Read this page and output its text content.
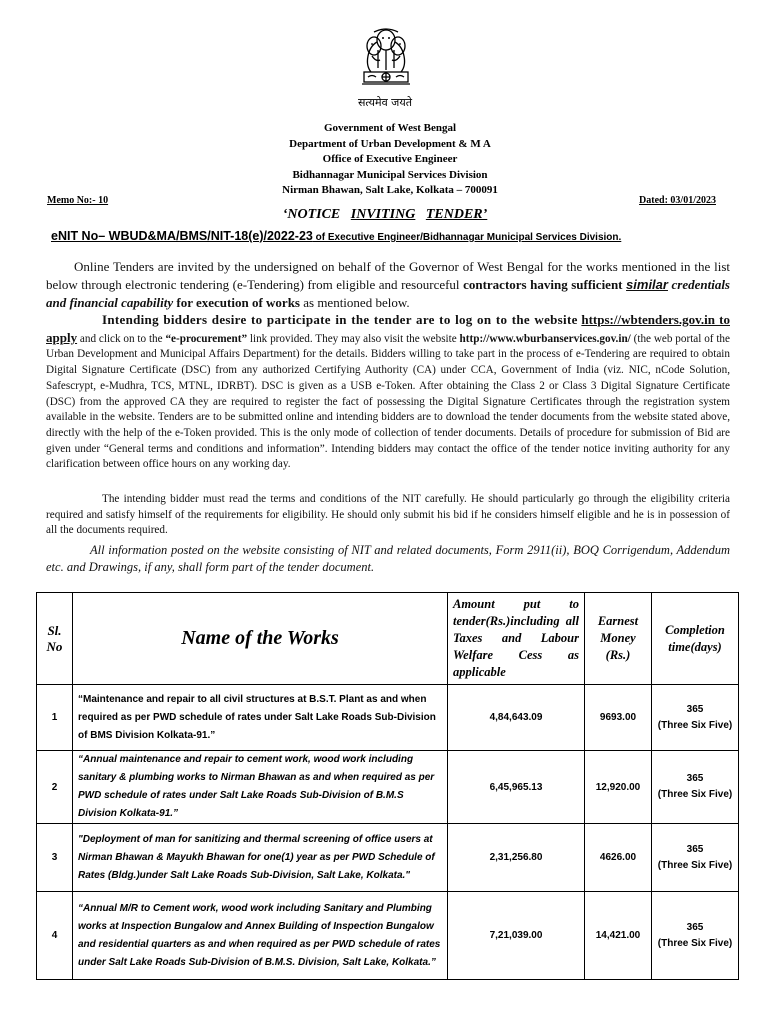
सत्यमेव जयते
Government of West Bengal
Department of Urban Development & M A
Office of Executive Engineer
Bidhannagar Municipal Services Division
Nirman Bhawan, Salt Lake, Kolkata – 700091
Memo No:- 10	Dated: 03/01/2023
‘NOTICE INVITING TENDER’
eNIT No– WBUD&MA/BMS/NIT-18(e)/2022-23 of Executive Engineer/Bidhannagar Municipal Services Division.
Online Tenders are invited by the undersigned on behalf of the Governor of West Bengal for the works mentioned in the list below through electronic tendering (e-Tendering) from eligible and resourceful contractors having sufficient similar credentials and financial capability for execution of works as mentioned below.
Intending bidders desire to participate in the tender are to log on to the website https://wbtenders.gov.in to apply and click on to the “e-procurement” link provided. They may also visit the website http://www.wburbanservices.gov.in/ (the web portal of the Urban Development and Municipal Affairs Department) for the details. Bidders willing to take part in the process of e-Tendering are required to obtain Digital Signature Certificate (DSC) from any authorized Certifying Authority (CA) under CCA, Government of India (viz. NIC, nCode Solution, Safescrypt, e-Mudhra, TCS, MTNL, IDRBT). DSC is given as a USB e-Token. After obtaining the Class 2 or Class 3 Digital Signature Certificate (DSC) from the approved CA they are required to register the fact of possessing the Digital Signature Certificates through the registration system available in the website. Tenders are to be submitted online and intending bidders are to download the tender documents from the website stated above, directly with the help of the e-Token provided. This is the only mode of collection of tender documents. Details of procedure for submission of Bid are given under “General terms and conditions and information”. Intending bidders may contact the office of the tender notice inviting authority for any clarification between office hours on any working day.
The intending bidder must read the terms and conditions of the NIT carefully. He should particularly go through the eligibility criteria required and satisfy himself of the requirements for eligibility. He should only submit his bid if he considers himself eligible and he is in possession of all the documents required.
All information posted on the website consisting of NIT and related documents, Form 2911(ii), BOQ Corrigendum, Addendum etc. and Drawings, if any, shall form part of the tender document.
Sl. No	Name of the Works	Amount put to tender(Rs.)including all Taxes and Labour Welfare Cess as applicable	Earnest Money (Rs.)	Completion time(days)
1	“Maintenance and repair to all civil structures at B.S.T. Plant as and when required as per PWD schedule of rates under Salt Lake Roads Sub-Division of BMS Division Kolkata-91.”	4,84,643.09	9693.00	365
(Three Six Five)

2	“Annual maintenance and repair to cement work, wood work including sanitary & plumbing works to Nirman Bhawan as and when required as per PWD schedule of rates under Salt Lake Roads Sub-Division of B.M.S Division Kolkata-91.”	6,45,965.13	12,920.00	365
(Three Six Five)

3	"Deployment of man for sanitizing and thermal screening of office users at Nirman Bhawan & Mayukh Bhawan for one(1) year as per PWD Schedule of Rates (Bldg.)under Salt Lake Roads Sub-Division, Salt Lake, Kolkata."	2,31,256.80	4626.00	365
(Three Six Five)

4	“Annual M/R to Cement work, wood work including Sanitary and Plumbing works at Inspection Bungalow and Annex Building of Inspection Bungalow and residential quarters as and when required as per PWD schedule of rates under Salt Lake Roads Sub-Division of B.M.S. Division, Salt Lake, Kolkata.”	7,21,039.00	14,421.00	365
(Three Six Five)
